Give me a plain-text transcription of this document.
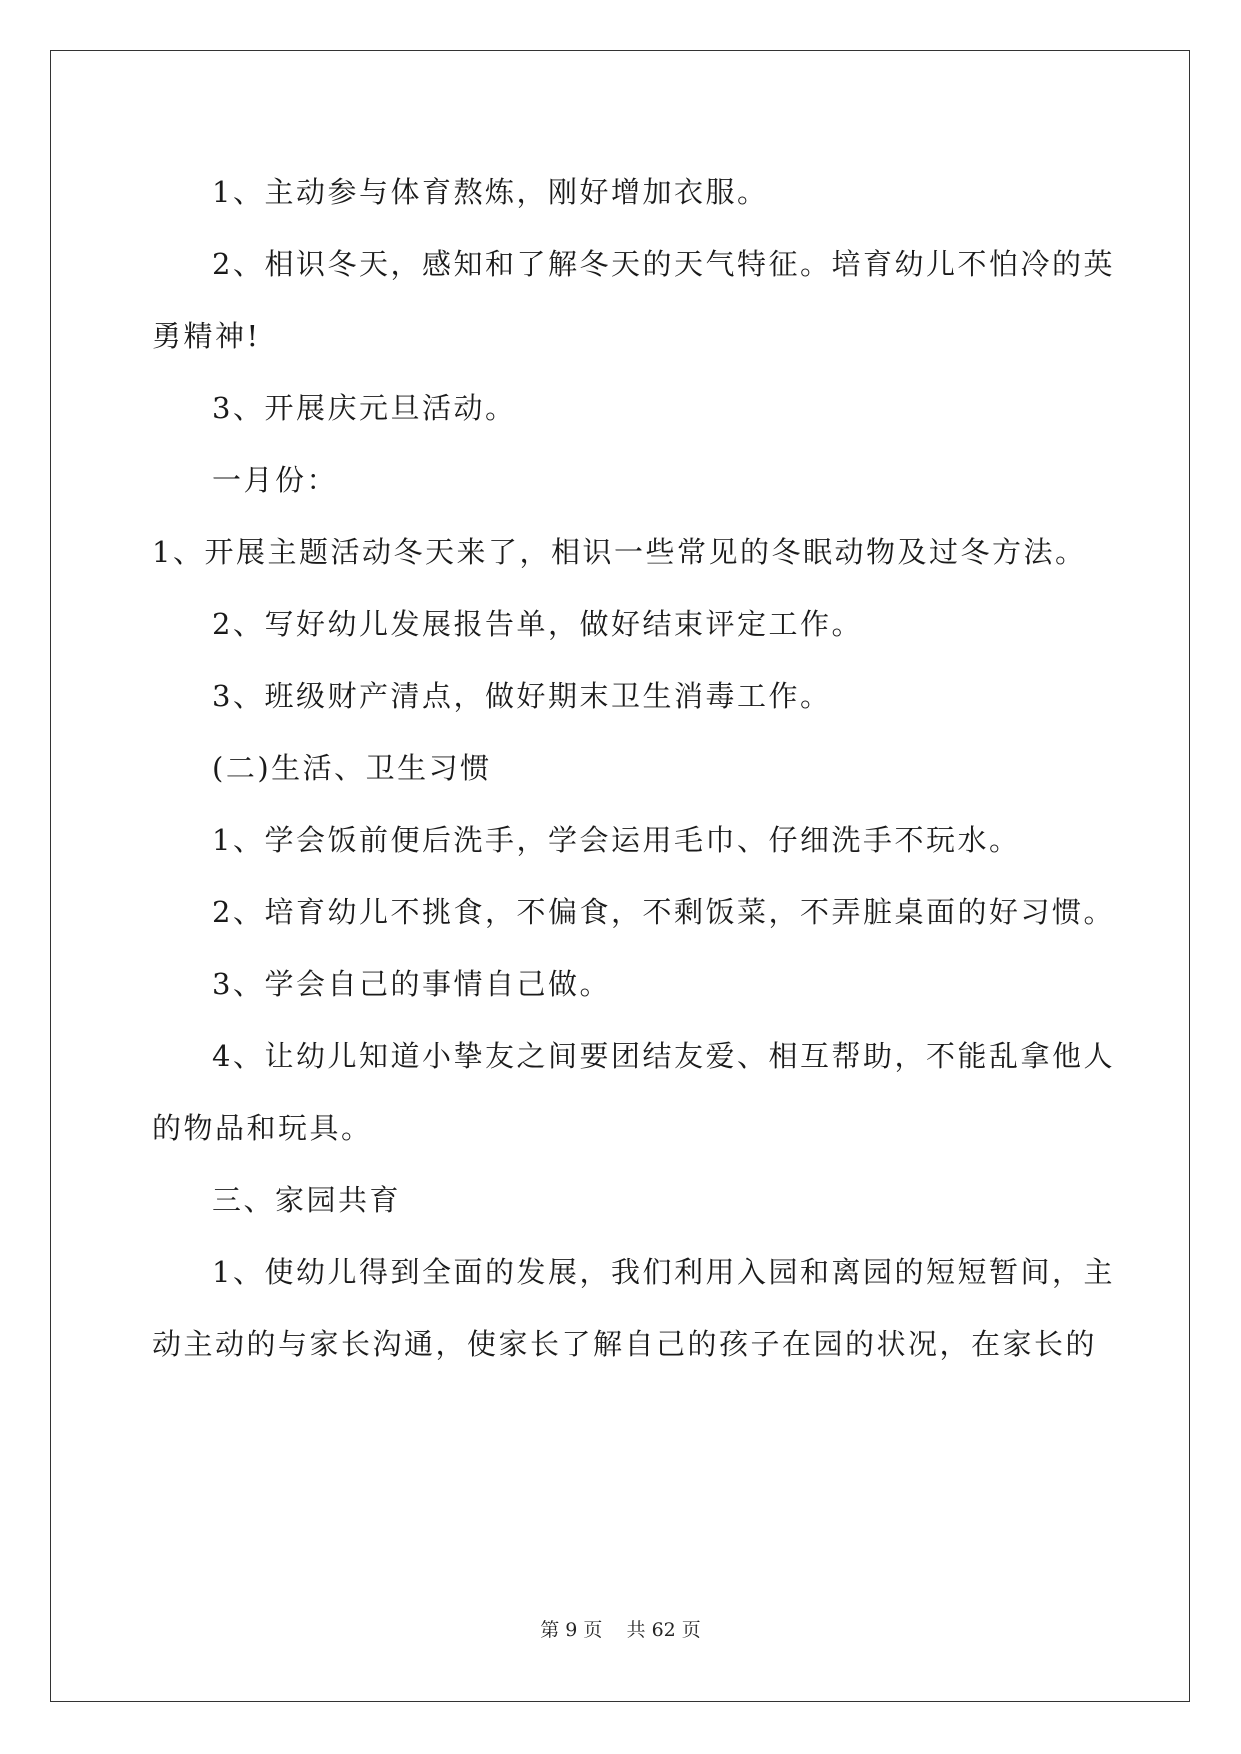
1、主动参与体育熬炼，刚好增加衣服。
2、相识冬天，感知和了解冬天的天气特征。培育幼儿不怕冷的英
勇精神!
3、开展庆元旦活动。
一月份：
1、开展主题活动冬天来了，相识一些常见的冬眠动物及过冬方法。
2、写好幼儿发展报告单，做好结束评定工作。
3、班级财产清点，做好期末卫生消毒工作。
(二)生活、卫生习惯
1、学会饭前便后洗手，学会运用毛巾、仔细洗手不玩水。
2、培育幼儿不挑食，不偏食，不剩饭菜，不弄脏桌面的好习惯。
3、学会自己的事情自己做。
4、让幼儿知道小挚友之间要团结友爱、相互帮助，不能乱拿他人
的物品和玩具。
三、家园共育
1、使幼儿得到全面的发展，我们利用入园和离园的短短暂间，主
动主动的与家长沟通，使家长了解自己的孩子在园的状况，在家长的
第 9 页    共 62 页
